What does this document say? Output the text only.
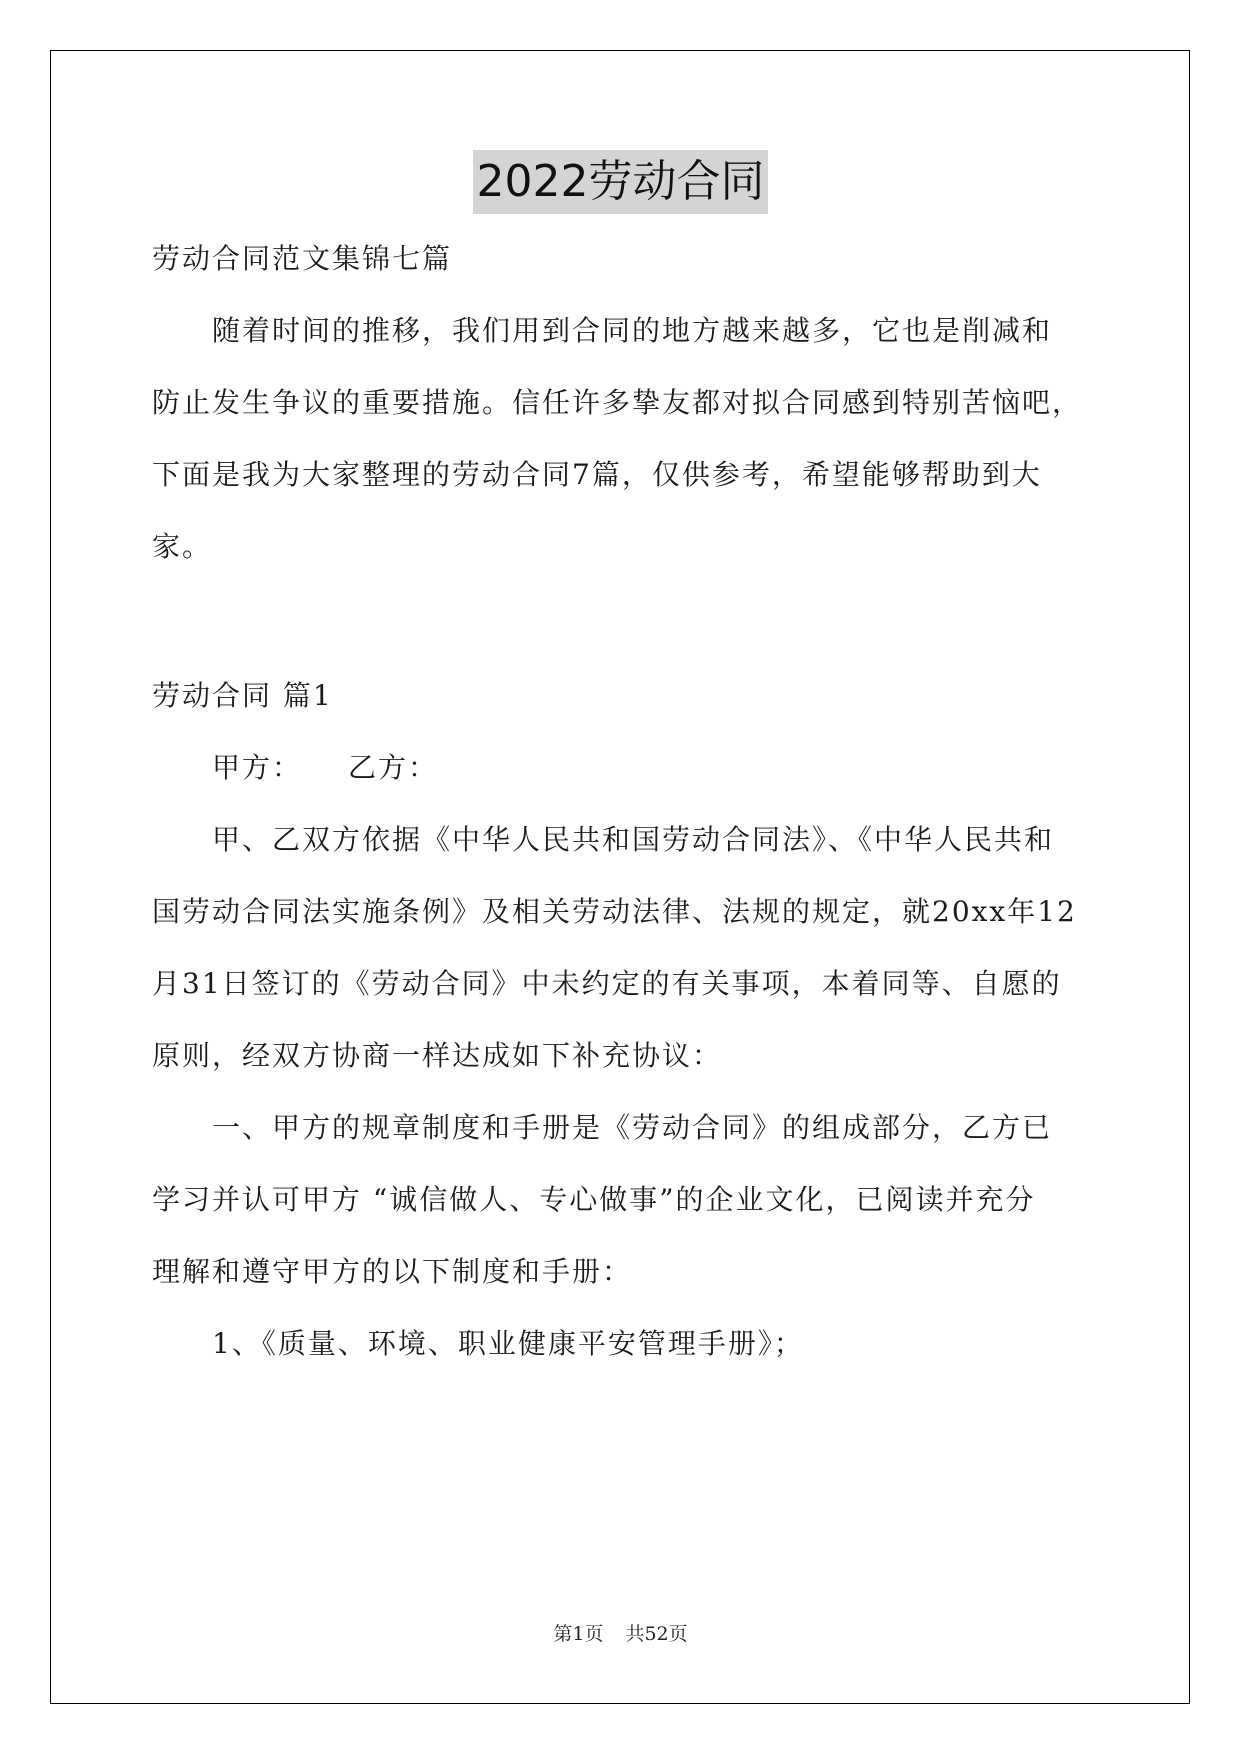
2022劳动合同
劳动合同范文集锦七篇
随着时间的推移，我们用到合同的地方越来越多，它也是削减和
防止发生争议的重要措施。信任许多挚友都对拟合同感到特别苦恼吧，
下面是我为大家整理的劳动合同7篇，仅供参考，希望能够帮助到大
家。
劳动合同 篇1
甲方：　　乙方：
甲、乙双方依据《中华人民共和国劳动合同法》、《中华人民共和
国劳动合同法实施条例》及相关劳动法律、法规的规定，就20xx年12
月31日签订的《劳动合同》中未约定的有关事项，本着同等、自愿的
原则，经双方协商一样达成如下补充协议：
一、甲方的规章制度和手册是《劳动合同》的组成部分，乙方已
学习并认可甲方 “诚信做人、专心做事”的企业文化，已阅读并充分
理解和遵守甲方的以下制度和手册：
1、《质量、环境、职业健康平安管理手册》；
第1页 共52页
